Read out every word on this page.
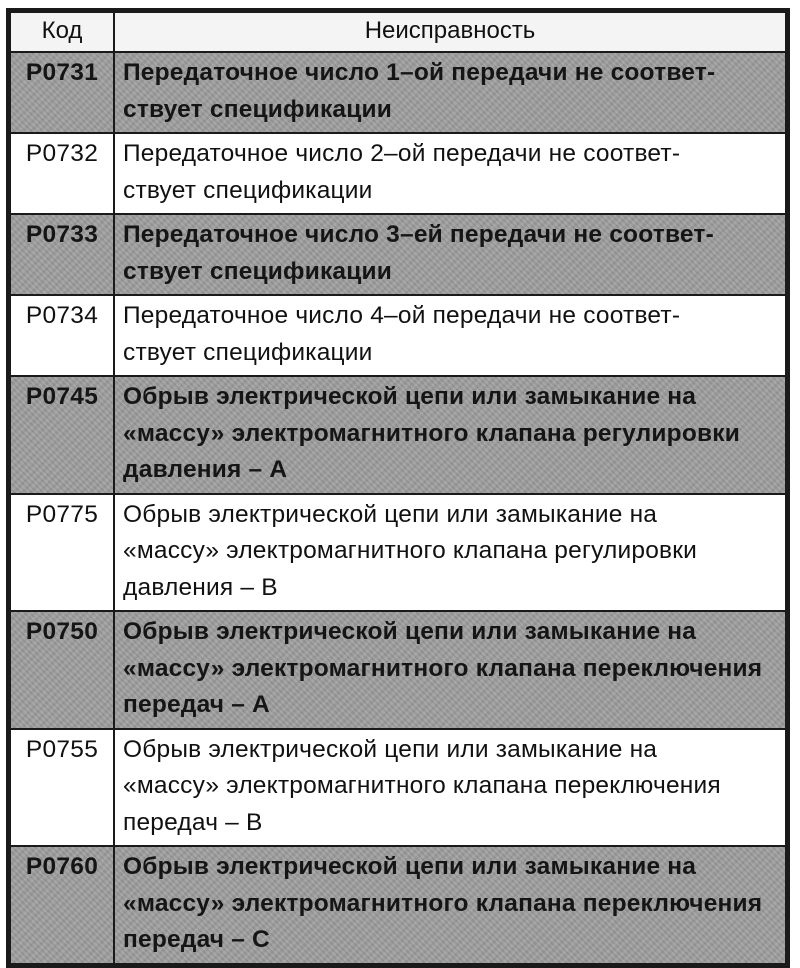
Код	Неисправность
P0731	Передаточное число 1–ой передачи не соответ-
ствует спецификации

P0732	Передаточное число 2–ой передачи не соответ-
ствует спецификации

P0733	Передаточное число 3–ей передачи не соответ-
ствует спецификации

P0734	Передаточное число 4–ой передачи не соответ-
ствует спецификации

P0745	Обрыв электрической цепи или замыкание на
«массу» электромагнитного клапана регулировки
давления – А

P0775	Обрыв электрической цепи или замыкание на
«массу» электромагнитного клапана регулировки
давления – В

P0750	Обрыв электрической цепи или замыкание на
«массу» электромагнитного клапана переключения
передач – А

P0755	Обрыв электрической цепи или замыкание на
«массу» электромагнитного клапана переключения
передач – В

P0760	Обрыв электрической цепи или замыкание на
«массу» электромагнитного клапана переключения
передач – С
